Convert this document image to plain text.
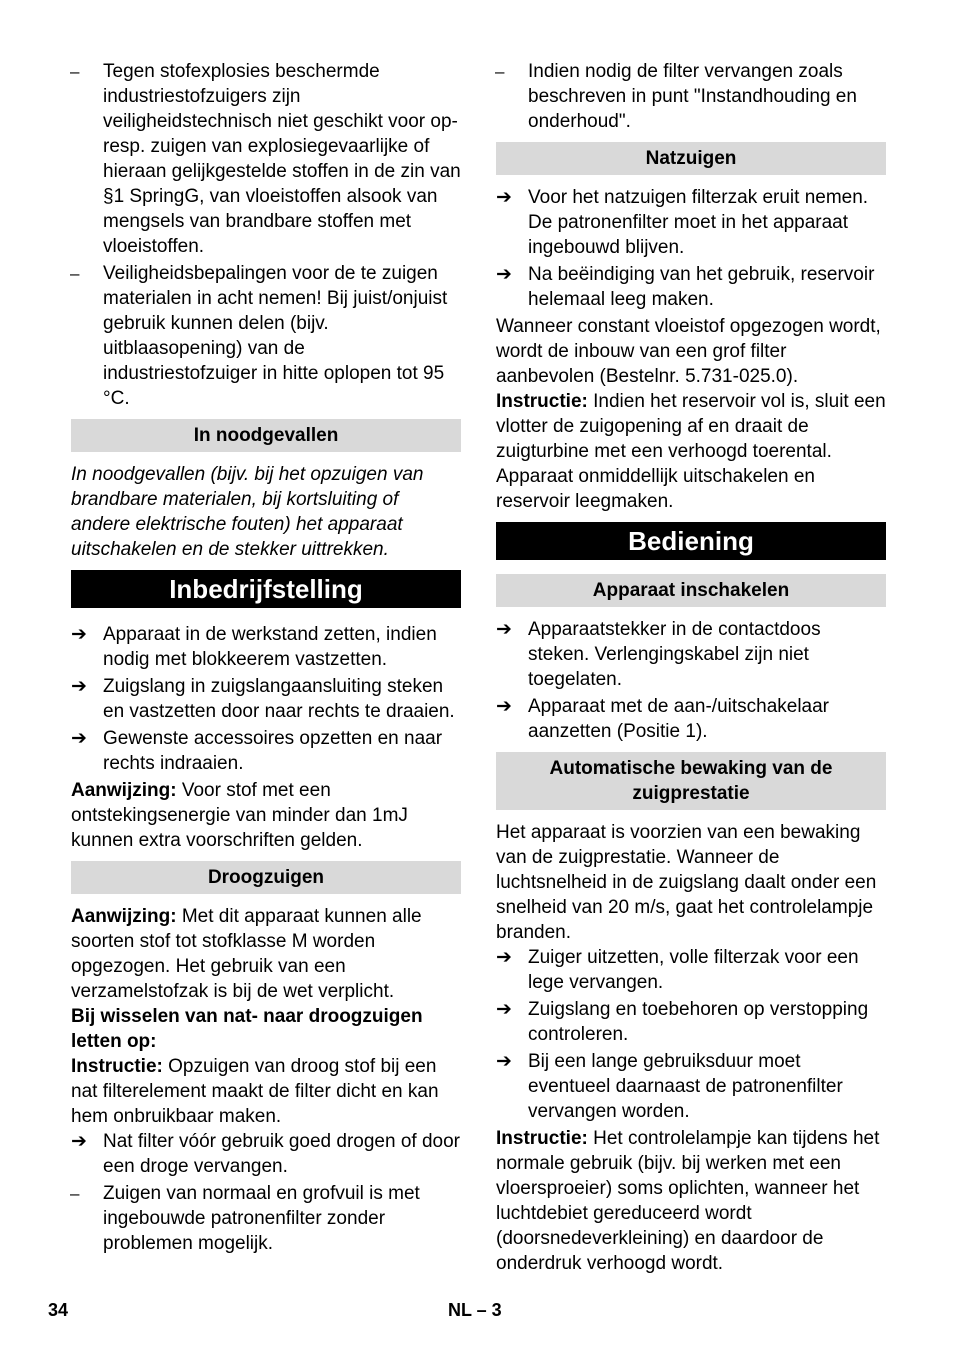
–	Tegen stofexplosies beschermde industriestofzuigers zijn veiligheidstechnisch niet geschikt voor op- resp. zuigen van explosiegevaarlijke of hieraan gelijkgestelde stoffen in de zin van §1 SpringG, van vloeistoffen alsook van mengsels van brandbare stoffen met vloeistoffen.
–	Veiligheidsbepalingen voor de te zuigen materialen in acht nemen! Bij juist/onjuist gebruik kunnen delen (bijv. uitblaasopening) van de industriestofzuiger in hitte oplopen tot 95 °C.
In noodgevallen
In noodgevallen (bijv. bij het opzuigen van brandbare materialen, bij kortsluiting of andere elektrische fouten) het apparaat uitschakelen en de stekker uittrekken.
Inbedrijfstelling
➔ Apparaat in de werkstand zetten, indien nodig met blokkeerem vastzetten.
➔ Zuigslang in zuigslangaansluiting steken en vastzetten door naar rechts te draaien.
➔ Gewenste accessoires opzetten en naar rechts indraaien.
Aanwijzing: Voor stof met een ontstekingsenergie van minder dan 1mJ kunnen extra voorschriften gelden.
Droogzuigen
Aanwijzing: Met dit apparaat kunnen alle soorten stof tot stofklasse M worden opgezogen. Het gebruik van een verzamelstofzak is bij de wet verplicht.
Bij wisselen van nat- naar droogzuigen letten op:
Instructie: Opzuigen van droog stof bij een nat filterelement maakt de filter dicht en kan hem onbruikbaar maken.
➔ Nat filter vóór gebruik goed drogen of door een droge vervangen.
–	Zuigen van normaal en grofvuil is met ingebouwde patronenfilter zonder problemen mogelijk.
–	Indien nodig de filter vervangen zoals beschreven in punt "Instandhouding en onderhoud".
Natzuigen
➔ Voor het natzuigen filterzak eruit nemen. De patronenfilter moet in het apparaat ingebouwd blijven.
➔ Na beëindiging van het gebruik, reservoir helemaal leeg maken.
Wanneer constant vloeistof opgezogen wordt, wordt de inbouw van een grof filter aanbevolen (Bestelnr. 5.731-025.0).
Instructie: Indien het reservoir vol is, sluit een vlotter de zuigopening af en draait de zuigturbine met een verhoogd toerental. Apparaat onmiddellijk uitschakelen en reservoir leegmaken.
Bediening
Apparaat inschakelen
➔ Apparaatstekker in de contactdoos steken. Verlengingskabel zijn niet toegelaten.
➔ Apparaat met de aan-/uitschakelaar aanzetten (Positie 1).
Automatische bewaking van de zuigprestatie
Het apparaat is voorzien van een bewaking van de zuigprestatie. Wanneer de luchtsnelheid in de zuigslang daalt onder een snelheid van 20 m/s, gaat het controlelampje branden.
➔ Zuiger uitzetten, volle filterzak voor een lege vervangen.
➔ Zuigslang en toebehoren op verstopping controleren.
➔ Bij een lange gebruiksduur moet eventueel daarnaast de patronenfilter vervangen worden.
Instructie: Het controlelampje kan tijdens het normale gebruik (bijv. bij werken met een vloersproeier) soms oplichten, wanneer het luchtdebiet gereduceerd wordt (doorsnedeverkleining) en daardoor de onderdruk verhoogd wordt.
34	NL – 3
